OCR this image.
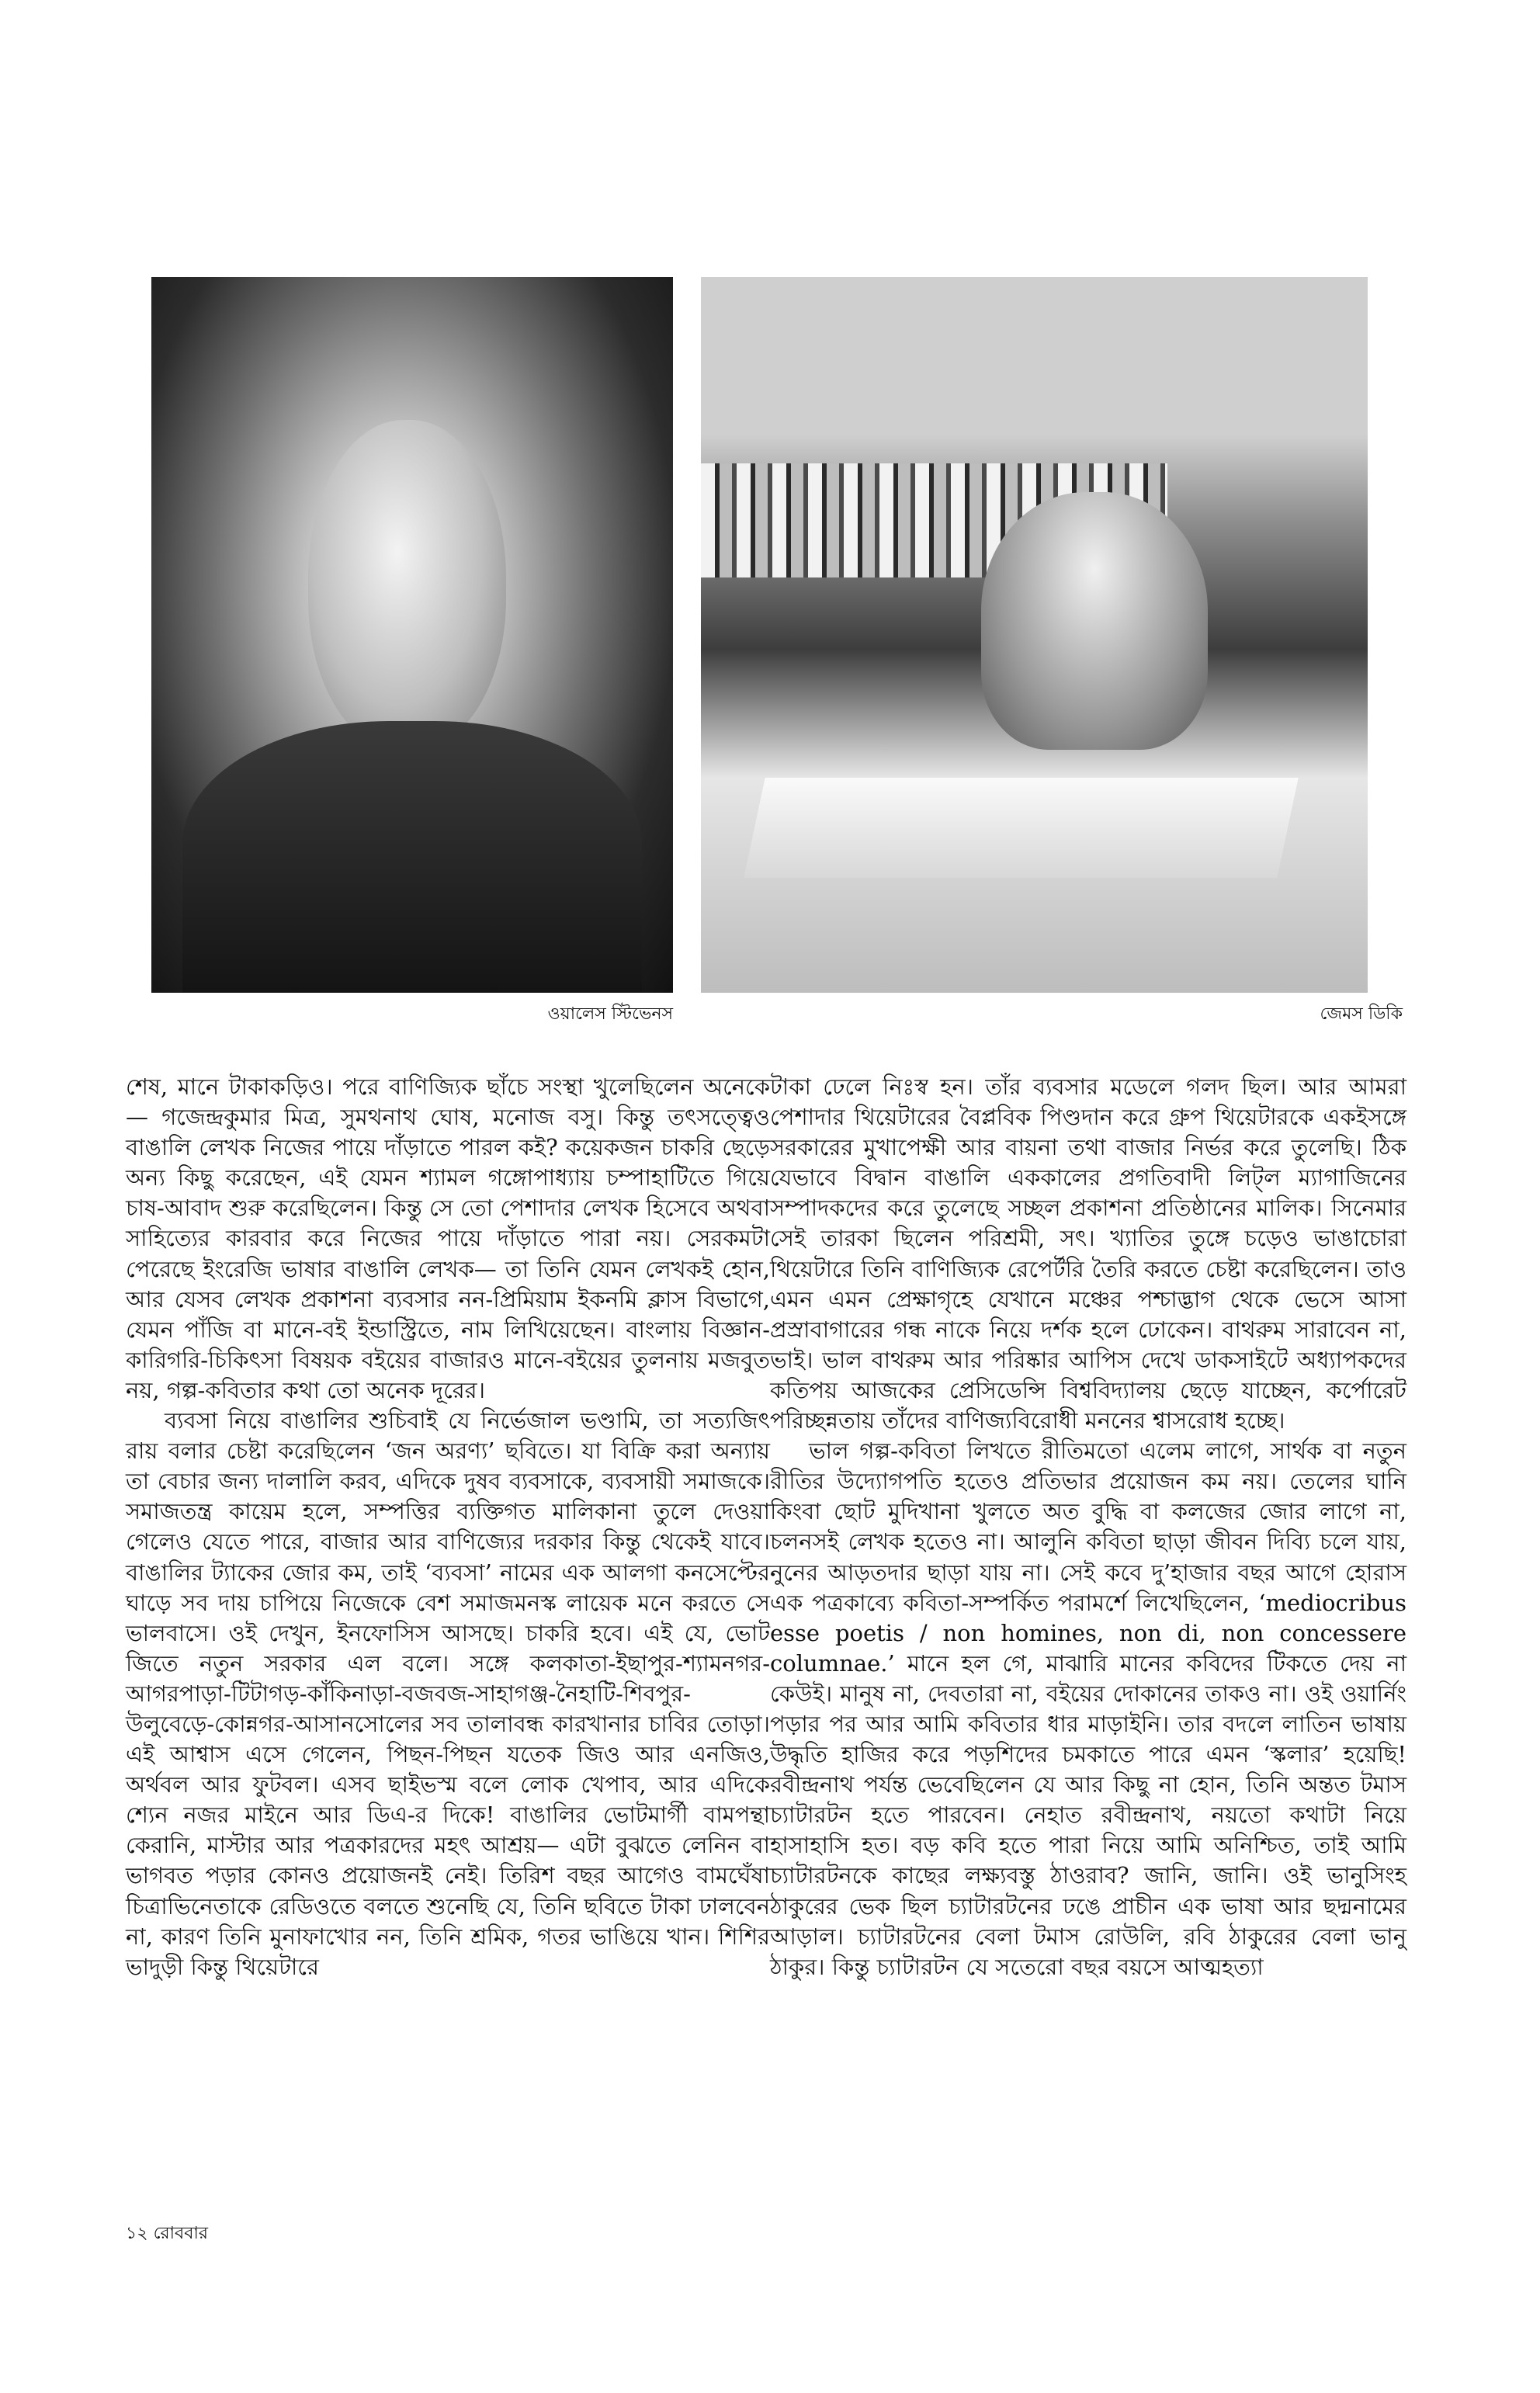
ওয়ালেস স্টিভেনস	জেমস ডিকি

শেষ, মানে টাকাকড়িও। পরে বাণিজ্যিক ছাঁচে সংস্থা খুলেছিলেন অনেকে— গজেন্দ্রকুমার মিত্র, সুমথনাথ ঘোষ, মনোজ বসু। কিন্তু তৎসত্ত্বেও বাঙালি লেখক নিজের পায়ে দাঁড়াতে পারল কই? কয়েকজন চাকরি ছেড়ে অন্য কিছু করেছেন, এই যেমন শ্যামল গঙ্গোপাধ্যায় চম্পাহাটিতে গিয়ে চাষ-আবাদ শুরু করেছিলেন। কিন্তু সে তো পেশাদার লেখক হিসেবে অথবা সাহিত্যের কারবার করে নিজের পায়ে দাঁড়াতে পারা নয়। সেরকমটা পেরেছে ইংরেজি ভাষার বাঙালি লেখক— তা তিনি যেমন লেখকই হোন, আর যেসব লেখক প্রকাশনা ব্যবসার নন-প্রিমিয়াম ইকনমি ক্লাস বিভাগে, যেমন পাঁজি বা মানে-বই ইন্ডাস্ট্রিতে, নাম লিখিয়েছেন। বাংলায় বিজ্ঞান-কারিগরি-চিকিৎসা বিষয়ক বইয়ের বাজারও মানে-বইয়ের তুলনায় মজবুত নয়, গল্প-কবিতার কথা তো অনেক দূরের।

ব্যবসা নিয়ে বাঙালির শুচিবাই যে নির্ভেজাল ভণ্ডামি, তা সত্যজিৎ রায় বলার চেষ্টা করেছিলেন ‘জন অরণ্য’ ছবিতে। যা বিক্রি করা অন্যায় তা বেচার জন্য দালালি করব, এদিকে দুষব ব্যবসাকে, ব্যবসায়ী সমাজকে। সমাজতন্ত্র কায়েম হলে, সম্পত্তির ব্যক্তিগত মালিকানা তুলে দেওয়া গেলেও যেতে পারে, বাজার আর বাণিজ্যের দরকার কিন্তু থেকেই যাবে। বাঙালির ট্যাকের জোর কম, তাই ‘ব্যবসা’ নামের এক আলগা কনসেপ্টের ঘাড়ে সব দায় চাপিয়ে নিজেকে বেশ সমাজমনস্ক লায়েক মনে করতে সে ভালবাসে। ওই দেখুন, ইনফোসিস আসছে। চাকরি হবে। এই যে, ভোট জিতে নতুন সরকার এল বলে। সঙ্গে কলকাতা-ইছাপুর-শ্যামনগর-আগরপাড়া-টিটাগড়-কাঁকিনাড়া-বজবজ-সাহাগঞ্জ-নৈহাটি-শিবপুর-উলুবেড়ে-কোন্নগর-আসানসোলের সব তালাবন্ধ কারখানার চাবির তোড়া। এই আশ্বাস এসে গেলেন, পিছন-পিছন যতেক জিও আর এনজিও, অর্থবল আর ফুটবল। এসব ছাইভস্ম বলে লোক খেপাব, আর এদিকে শ্যেন নজর মাইনে আর ডিএ-র দিকে! বাঙালির ভোটমার্গী বামপন্থা কেরানি, মাস্টার আর পত্রকারদের মহৎ আশ্রয়— এটা বুঝতে লেনিন বা ভাগবত পড়ার কোনও প্রয়োজনই নেই। তিরিশ বছর আগেও বামঘেঁষা চিত্রাভিনেতাকে রেডিওতে বলতে শুনেছি যে, তিনি ছবিতে টাকা ঢালবেন না, কারণ তিনি মুনাফাখোর নন, তিনি শ্রমিক, গতর ভাঙিয়ে খান। শিশির ভাদুড়ী কিন্তু থিয়েটারে

টাকা ঢেলে নিঃস্ব হন। তাঁর ব্যবসার মডেলে গলদ ছিল। আর আমরা পেশাদার থিয়েটারের বৈপ্লবিক পিণ্ডদান করে গ্রুপ থিয়েটারকে একইসঙ্গে সরকারের মুখাপেক্ষী আর বায়না তথা বাজার নির্ভর করে তুলেছি। ঠিক যেভাবে বিদ্বান বাঙালি এককালের প্রগতিবাদী লিট্‌ল ম্যাগাজিনের সম্পাদকদের করে তুলেছে সচ্ছল প্রকাশনা প্রতিষ্ঠানের মালিক। সিনেমার সেই তারকা ছিলেন পরিশ্রমী, সৎ। খ্যাতির তুঙ্গে চড়েও ভাঙাচোরা থিয়েটারে তিনি বাণিজ্যিক রেপের্টরি তৈরি করতে চেষ্টা করেছিলেন। তাও এমন এমন প্রেক্ষাগৃহে যেখানে মঞ্চের পশ্চাদ্ভাগ থেকে ভেসে আসা প্রস্রাবাগারের গন্ধ নাকে নিয়ে দর্শক হলে ঢোকেন। বাথরুম সারাবেন না, ভাই। ভাল বাথরুম আর পরিষ্কার আপিস দেখে ডাকসাইটে অধ্যাপকদের কতিপয় আজকের প্রেসিডেন্সি বিশ্ববিদ্যালয় ছেড়ে যাচ্ছেন, কর্পোরেট পরিচ্ছন্নতায় তাঁদের বাণিজ্যবিরোধী মননের শ্বাসরোধ হচ্ছে।

ভাল গল্প-কবিতা লিখতে রীতিমতো এলেম লাগে, সার্থক বা নতুন রীতির উদ্যোগপতি হতেও প্রতিভার প্রয়োজন কম নয়। তেলের ঘানি কিংবা ছোট মুদিখানা খুলতে অত বুদ্ধি বা কলজের জোর লাগে না, চলনসই লেখক হতেও না। আলুনি কবিতা ছাড়া জীবন দিব্যি চলে যায়, নুনের আড়তদার ছাড়া যায় না। সেই কবে দু’হাজার বছর আগে হোরাস এক পত্রকাব্যে কবিতা-সম্পর্কিত পরামর্শে লিখেছিলেন, ‘mediocribus esse poetis / non homines, non di, non concessere columnae.’ মানে হল গে, মাঝারি মানের কবিদের টিকতে দেয় না কেউই। মানুষ না, দেবতারা না, বইয়ের দোকানের তাকও না। ওই ওয়ার্নিং পড়ার পর আর আমি কবিতার ধার মাড়াইনি। তার বদলে লাতিন ভাষায় উদ্ধৃতি হাজির করে পড়শিদের চমকাতে পারে এমন ‘স্কলার’ হয়েছি! রবীন্দ্রনাথ পর্যন্ত ভেবেছিলেন যে আর কিছু না হোন, তিনি অন্তত টমাস চ্যাটারটন হতে পারবেন। নেহাত রবীন্দ্রনাথ, নয়তো কথাটা নিয়ে হাসাহাসি হত। বড় কবি হতে পারা নিয়ে আমি অনিশ্চিত, তাই আমি চ্যাটারটনকে কাছের লক্ষ্যবস্তু ঠাওরাব? জানি, জানি। ওই ভানুসিংহ ঠাকুরের ভেক ছিল চ্যাটারটনের ঢঙে প্রাচীন এক ভাষা আর ছদ্মনামের আড়াল। চ্যাটারটনের বেলা টমাস রোউলি, রবি ঠাকুরের বেলা ভানু ঠাকুর। কিন্তু চ্যাটারটন যে সতেরো বছর বয়সে আত্মহত্যা

১২ রোববার
